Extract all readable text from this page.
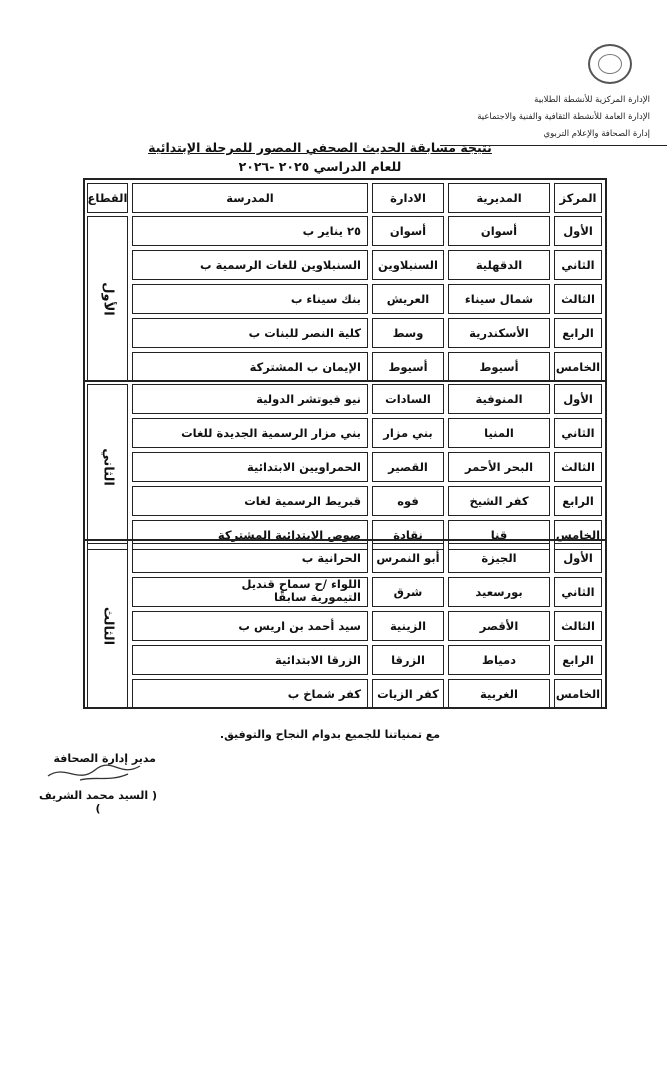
الإدارة المركزية للأنشطة الطلابية
الإدارة العامة للأنشطة الثقافية والفنية والاجتماعية
إدارة الصحافة والإعلام التربوي
نتيجة مسابقة الحديث الصحفي المصور للمرحلة الإبتدائية
للعام الدراسي ٢٠٢٥ -٢٠٢٦
المركز
المديرية
الادارة
المدرسة
القطاع
الأول
أسوان
أسوان
٢٥ يناير ب
الثاني
الدقهلية
السنبلاوين
السنبلاوين للغات الرسمية ب
الثالث
شمال سيناء
العريش
بنك سيناء ب
الرابع
الأسكندرية
وسط
كلية النصر للبنات ب
الخامس
أسيوط
أسيوط
الإيمان ب المشتركة
الأول
الأول
المنوفية
السادات
نيو فيوتشر الدولية
الثاني
المنيا
بني مزار
بني مزار الرسمية الجديدة للغات
الثالث
البحر الأحمر
القصير
الحمراويين الابتدائية
الرابع
كفر الشيخ
فوه
قبريط الرسمية لغات
الخامس
قنا
نقادة
صوص الابتدائية المشتركة
الثاني
الأول
الجيزة
أبو النمرس
الحرانية ب
الثاني
بورسعيد
شرق
اللواء /ح سماح قنديل
التيمورية سابقًا
الثالث
الأقصر
الزينية
سيد أحمد بن اريس ب
الرابع
دمياط
الزرقا
الزرقا الابتدائية
الخامس
الغربية
كفر الزيات
كفر شماخ ب
الثالث
مع تمنياتنا للجميع بدوام النجاح والتوفيق.
مدير إدارة الصحافة
( السيد محمد الشريف )
